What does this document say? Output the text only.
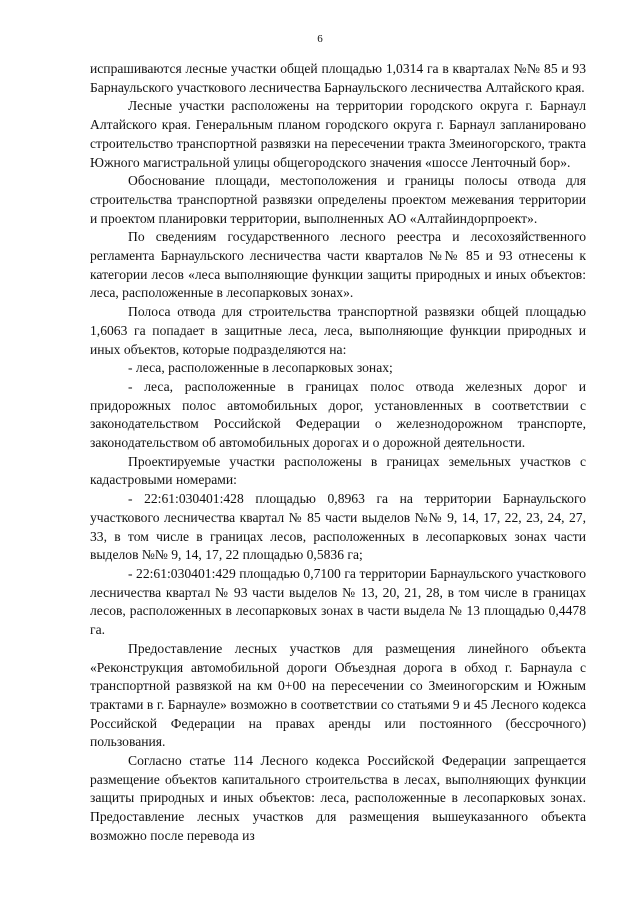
6

испрашиваются лесные участки общей площадью 1,0314 га в кварталах №№ 85 и 93 Барнаульского участкового лесничества Барнаульского лесничества Алтайского края.

Лесные участки расположены на территории городского округа г. Барнаул Алтайского края. Генеральным планом городского округа г. Барнаул запланировано строительство транспортной развязки на пересечении тракта Змеиногорского, тракта Южного магистральной улицы общегородского значения «шоссе Ленточный бор».

Обоснование площади, местоположения и границы полосы отвода для строительства транспортной развязки определены проектом межевания территории и проектом планировки территории, выполненных АО «Алтайиндорпроект».

По сведениям государственного лесного реестра и лесохозяйственного регламента Барнаульского лесничества части кварталов №№ 85 и 93 отнесены к категории лесов «леса выполняющие функции защиты природных и иных объектов: леса, расположенные в лесопарковых зонах».

Полоса отвода для строительства транспортной развязки общей площадью 1,6063 га попадает в защитные леса, леса, выполняющие функции природных и иных объектов, которые подразделяются на:

- леса, расположенные в лесопарковых зонах;

- леса, расположенные в границах полос отвода железных дорог и придорожных полос автомобильных дорог, установленных в соответствии с законодательством Российской Федерации о железнодорожном транспорте, законодательством об автомобильных дорогах и о дорожной деятельности.

Проектируемые участки расположены в границах земельных участков с кадастровыми номерами:

- 22:61:030401:428 площадью 0,8963 га на территории Барнаульского участкового лесничества квартал № 85 части выделов №№ 9, 14, 17, 22, 23, 24, 27, 33, в том числе в границах лесов, расположенных в лесопарковых зонах части выделов №№ 9, 14, 17, 22 площадью 0,5836 га;

- 22:61:030401:429 площадью 0,7100 га территории Барнаульского участкового лесничества квартал № 93 части выделов № 13, 20, 21, 28, в том числе в границах лесов, расположенных в лесопарковых зонах в части выдела № 13 площадью 0,4478 га.

Предоставление лесных участков для размещения линейного объекта «Реконструкция автомобильной дороги Объездная дорога в обход г. Барнаула с транспортной развязкой на км 0+00 на пересечении со Змеиногорским и Южным трактами в г. Барнауле» возможно в соответствии со статьями 9 и 45 Лесного кодекса Российской Федерации на правах аренды или постоянного (бессрочного) пользования.

Согласно статье 114 Лесного кодекса Российской Федерации запрещается размещение объектов капитального строительства в лесах, выполняющих функции защиты природных и иных объектов: леса, расположенные в лесопарковых зонах. Предоставление лесных участков для размещения вышеуказанного объекта возможно после перевода из
